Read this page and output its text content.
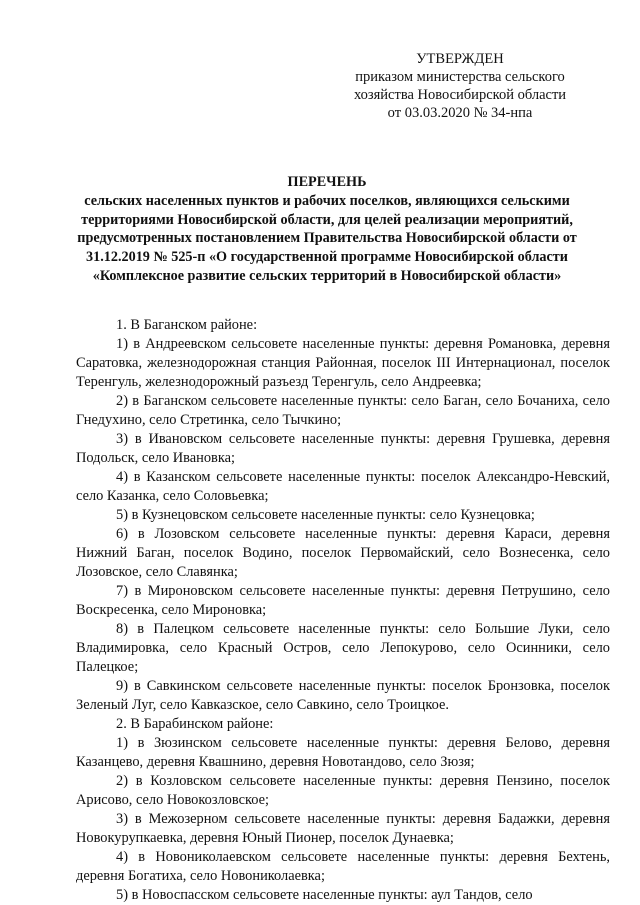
УТВЕРЖДЕН
приказом министерства сельского
хозяйства Новосибирской области
от 03.03.2020 № 34-нпа
ПЕРЕЧЕНЬ
сельских населенных пунктов и рабочих поселков, являющихся сельскими территориями Новосибирской области, для целей реализации мероприятий, предусмотренных постановлением Правительства Новосибирской области от 31.12.2019 № 525-п «О государственной программе Новосибирской области «Комплексное развитие сельских территорий в Новосибирской области»

1. В Баганском районе:

1) в Андреевском сельсовете населенные пункты: деревня Романовка, деревня Саратовка, железнодорожная станция Районная, поселок III Интернационал, поселок Теренгуль, железнодорожный разъезд Теренгуль, село Андреевка;

2) в Баганском сельсовете населенные пункты: село Баган, село Бочаниха, село Гнедухино, село Стретинка, село Тычкино;

3) в Ивановском сельсовете населенные пункты: деревня Грушевка, деревня Подольск, село Ивановка;

4) в Казанском сельсовете населенные пункты: поселок Александро-Невский, село Казанка, село Соловьевка;

5) в Кузнецовском сельсовете населенные пункты: село Кузнецовка;

6) в Лозовском сельсовете населенные пункты: деревня Караси, деревня Нижний Баган, поселок Водино, поселок Первомайский, село Вознесенка, село Лозовское, село Славянка;

7) в Мироновском сельсовете населенные пункты: деревня Петрушино, село Воскресенка, село Мироновка;

8) в Палецком сельсовете населенные пункты: село Большие Луки, село Владимировка, село Красный Остров, село Лепокурово, село Осинники, село Палецкое;

9) в Савкинском сельсовете населенные пункты: поселок Бронзовка, поселок Зеленый Луг, село Кавказское, село Савкино, село Троицкое.

2. В Барабинском районе:

1) в Зюзинском сельсовете населенные пункты: деревня Белово, деревня Казанцево, деревня Квашнино, деревня Новотандово, село Зюзя;

2) в Козловском сельсовете населенные пункты: деревня Пензино, поселок Арисово, село Новокозловское;

3) в Межозерном сельсовете населенные пункты: деревня Бадажки, деревня Новокурупкаевка, деревня Юный Пионер, поселок Дунаевка;

4) в Новониколаевском сельсовете населенные пункты: деревня Бехтень, деревня Богатиха, село Новониколаевка;

5) в Новоспасском сельсовете населенные пункты: аул Тандов, село
